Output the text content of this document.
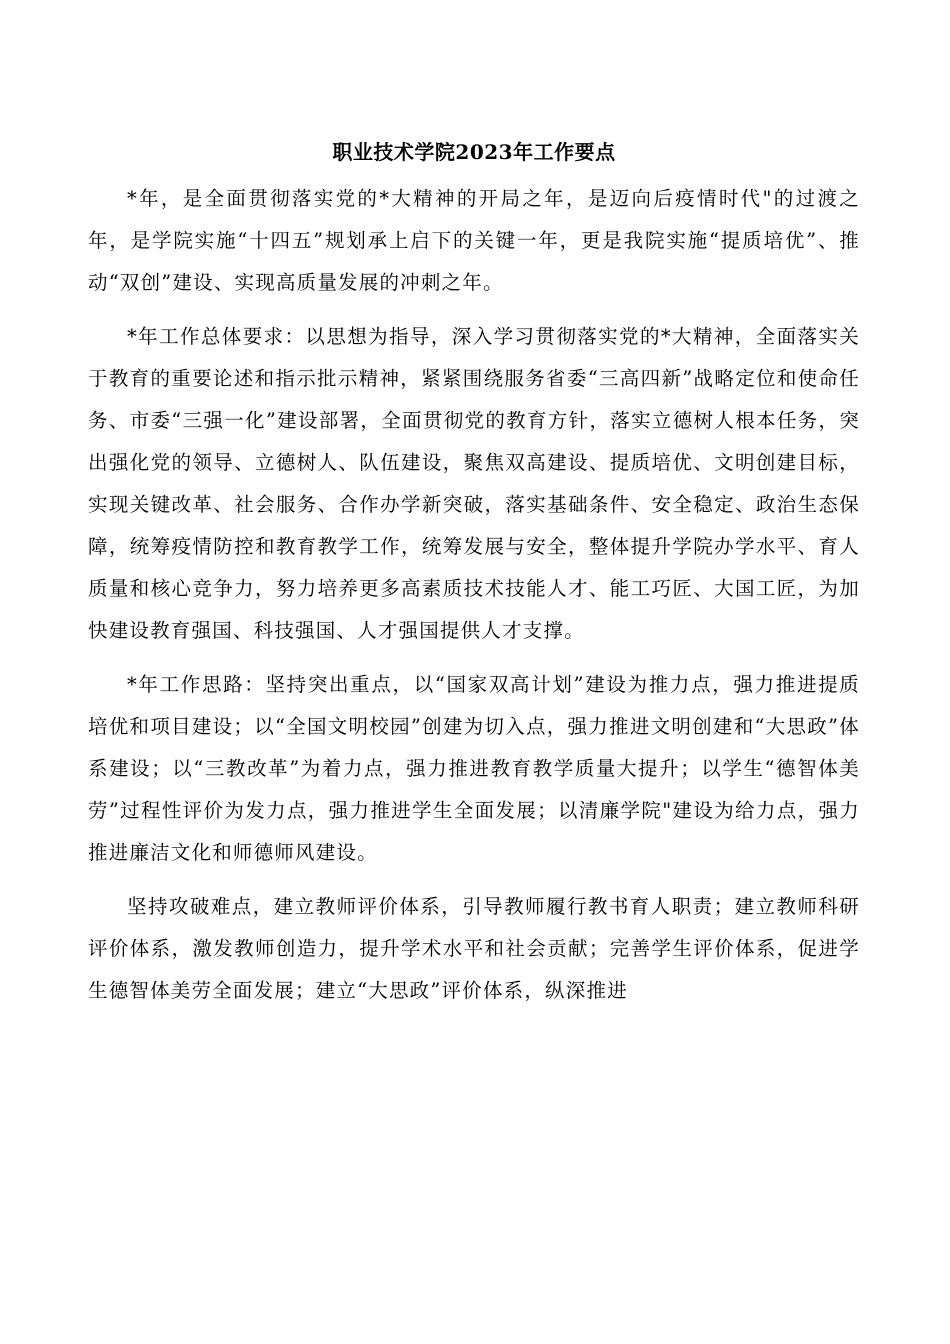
职业技术学院2023年工作要点

*年，是全面贯彻落实党的*大精神的开局之年，是迈向后疫情时代"的过渡之年，是学院实施“十四五”规划承上启下的关键一年，更是我院实施“提质培优”、推动“双创”建设、实现高质量发展的冲刺之年。

*年工作总体要求：以思想为指导，深入学习贯彻落实党的*大精神，全面落实关于教育的重要论述和指示批示精神，紧紧围绕服务省委“三高四新”战略定位和使命任务、市委“三强一化”建设部署，全面贯彻党的教育方针，落实立德树人根本任务，突出强化党的领导、立德树人、队伍建设，聚焦双高建设、提质培优、文明创建目标，实现关键改革、社会服务、合作办学新突破，落实基础条件、安全稳定、政治生态保障，统筹疫情防控和教育教学工作，统筹发展与安全，整体提升学院办学水平、育人质量和核心竞争力，努力培养更多高素质技术技能人才、能工巧匠、大国工匠，为加快建设教育强国、科技强国、人才强国提供人才支撑。

*年工作思路：坚持突出重点，以“国家双高计划”建设为推力点，强力推进提质培优和项目建设；以“全国文明校园”创建为切入点，强力推进文明创建和“大思政”体系建设；以“三教改革”为着力点，强力推进教育教学质量大提升；以学生“德智体美劳”过程性评价为发力点，强力推进学生全面发展；以清廉学院"建设为给力点，强力推进廉洁文化和师德师风建设。

坚持攻破难点，建立教师评价体系，引导教师履行教书育人职责；建立教师科研评价体系，激发教师创造力，提升学术水平和社会贡献；完善学生评价体系，促进学生德智体美劳全面发展；建立“大思政”评价体系，纵深推进
